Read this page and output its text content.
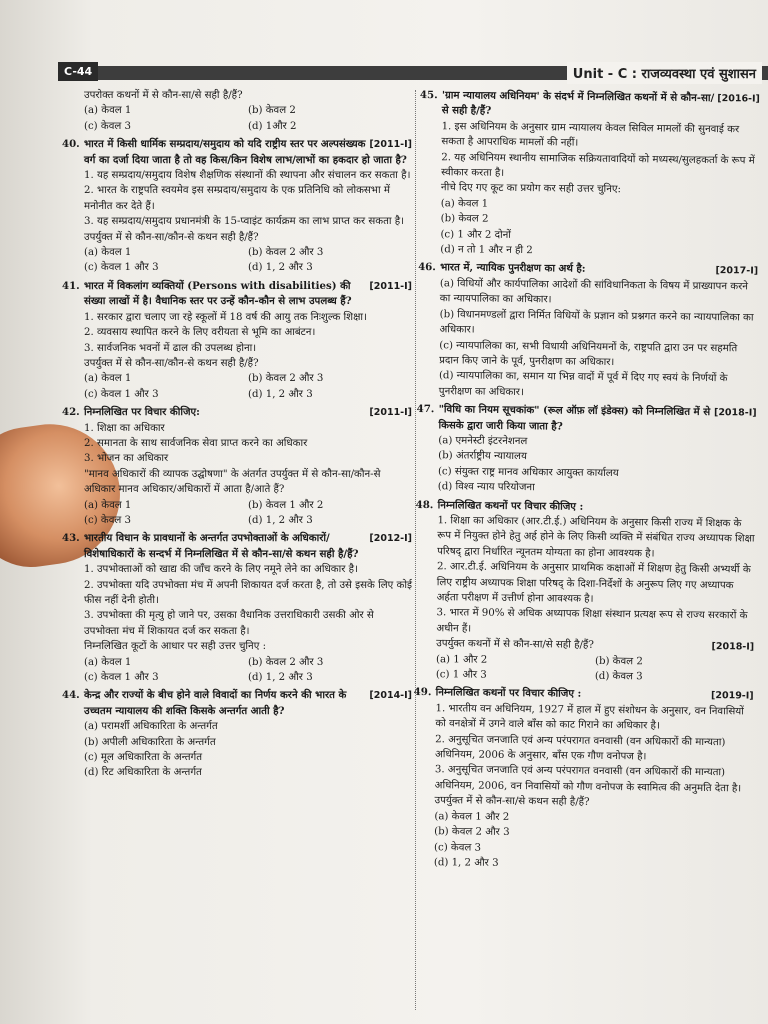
C-44	Unit - C : राजव्यवस्था एवं सुशासन
उपरोक्त कथनों में से कौन-सा/से सही है/हैं?
(a) केवल 1	(b) केवल 2
(c) केवल 3	(d) 1और 2
40.	[2011-I]
भारत में किसी धार्मिक सम्प्रदाय/समुदाय को यदि राष्ट्रीय स्तर पर अल्पसंख्यक वर्ग का दर्जा दिया जाता है तो वह किस/किन विशेष लाभ/लाभों का हकदार हो जाता है?
1. यह सम्प्रदाय/समुदाय विशेष शैक्षणिक संस्थानों की स्थापना और संचालन कर सकता है।
2. भारत के राष्ट्रपति स्वयमेव इस सम्प्रदाय/समुदाय के एक प्रतिनिधि को लोकसभा में मनोनीत कर देते हैं।
3. यह सम्प्रदाय/समुदाय प्रधानमंत्री के 15-प्वाइंट कार्यक्रम का लाभ प्राप्त कर सकता है।
उपर्युक्त में से कौन-सा/कौन-से कथन सही है/हैं?
(a) केवल 1	(b) केवल 2 और 3
(c) केवल 1 और 3	(d) 1, 2 और 3
41.	[2011-I]
भारत में विकलांग व्यक्तियों (Persons with disabilities) की संख्या लाखों में है। वैधानिक स्तर पर उन्हें कौन-कौन से लाभ उपलब्ध हैं?
1. सरकार द्वारा चलाए जा रहे स्कूलों में 18 वर्ष की आयु तक निःशुल्क शिक्षा।
2. व्यवसाय स्थापित करने के लिए वरीयता से भूमि का आबंटन।
3. सार्वजनिक भवनों में ढाल की उपलब्ध होना।
उपर्युक्त में से कौन-सा/कौन-से कथन सही है/हैं?
(a) केवल 1	(b) केवल 2 और 3
(c) केवल 1 और 3	(d) 1, 2 और 3
42.	[2011-I]
निम्नलिखित पर विचार कीजिए:
1. शिक्षा का अधिकार
2. समानता के साथ सार्वजनिक सेवा प्राप्त करने का अधिकार
3. भोजन का अधिकार
"मानव अधिकारों की व्यापक उद्घोषणा" के अंतर्गत उपर्युक्त में से कौन-सा/कौन-से अधिकार मानव अधिकार/अधिकारों में आता है/आते हैं?
(a) केवल 1	(b) केवल 1 और 2
(c) केवल 3	(d) 1, 2 और 3
43.	[2012-I]
भारतीय विधान के प्रावधानों के अन्तर्गत उपभोक्ताओं के अधिकारों/विशेषाधिकारों के सन्दर्भ में निम्नलिखित में से कौन-सा/से कथन सही है/हैं?
1. उपभोक्ताओं को खाद्य की जाँच करने के लिए नमूने लेने का अधिकार है।
2. उपभोक्ता यदि उपभोक्ता मंच में अपनी शिकायत दर्ज करता है, तो उसे इसके लिए कोई फीस नहीं देनी होती।
3. उपभोक्ता की मृत्यु हो जाने पर, उसका वैधानिक उत्तराधिकारी उसकी ओर से उपभोक्ता मंच में शिकायत दर्ज कर सकता है।
निम्नलिखित कूटों के आधार पर सही उत्तर चुनिए :
(a) केवल 1	(b) केवल 2 और 3
(c) केवल 1 और 3	(d) 1, 2 और 3
44.	[2014-I]
केन्द्र और राज्यों के बीच होने वाले विवादों का निर्णय करने की भारत के उच्चतम न्यायालय की शक्ति किसके अन्तर्गत आती है?
(a) परामर्शी अधिकारिता के अन्तर्गत
(b) अपीली अधिकारिता के अन्तर्गत
(c) मूल अधिकारिता के अन्तर्गत
(d) रिट अधिकारिता के अन्तर्गत
45.	[2016-I]
'ग्राम न्यायालय अधिनियम' के संदर्भ में निम्नलिखित कथनों में से कौन-सा/से सही है/हैं?
1. इस अधिनियम के अनुसार ग्राम न्यायालय केवल सिविल मामलों की सुनवाई कर सकता है आपराधिक मामलों की नहीं।
2. यह अधिनियम स्थानीय सामाजिक सक्रियतावादियों को मध्यस्थ/सुलहकर्ता के रूप में स्वीकार करता है।
नीचे दिए गए कूट का प्रयोग कर सही उत्तर चुनिए:
(a) केवल 1
(b) केवल 2
(c) 1 और 2 दोनों
(d) न तो 1 और न ही 2
46.	[2017-I]
भारत में, न्यायिक पुनरीक्षण का अर्थ है:
(a) विधियों और कार्यपालिका आदेशों की सांविधानिकता के विषय में प्राख्यापन करने का न्यायपालिका का अधिकार।
(b) विधानमण्डलों द्वारा निर्मित विधियों के प्रज्ञान को प्रश्नगत करने का न्यायपालिका का अधिकार।
(c) न्यायपालिका का, सभी विधायी अधिनियमनों के, राष्ट्रपति द्वारा उन पर सहमति प्रदान किए जाने के पूर्व, पुनरीक्षण का अधिकार।
(d) न्यायपालिका का, समान या भिन्न वादों में पूर्व में दिए गए स्वयं के निर्णयों के पुनरीक्षण का अधिकार।
47.	[2018-I]
"विधि का नियम सूचकांक" (रूल ऑफ़ लॉ इंडेक्स) को निम्नलिखित में से किसके द्वारा जारी किया जाता है?
(a) एमनेस्टी इंटरनेशनल
(b) अंतर्राष्ट्रीय न्यायालय
(c) संयुक्त राष्ट्र मानव अधिकार आयुक्त कार्यालय
(d) विश्व न्याय परियोजना
48. निम्नलिखित कथनों पर विचार कीजिए :
1. शिक्षा का अधिकार (आर.टी.ई.) अधिनियम के अनुसार किसी राज्य में शिक्षक के रूप में नियुक्त होने हेतु अर्ह होने के लिए किसी व्यक्ति में संबंधित राज्य अध्यापक शिक्षा परिषद् द्वारा निर्धारित न्यूनतम योग्यता का होना आवश्यक है।
2. आर.टी.ई. अधिनियम के अनुसार प्राथमिक कक्षाओं में शिक्षण हेतु किसी अभ्यर्थी के लिए राष्ट्रीय अध्यापक शिक्षा परिषद् के दिशा-निर्देशों के अनुरूप लिए गए अध्यापक अर्हता परीक्षण में उत्तीर्ण होना आवश्यक है।
3. भारत में 90% से अधिक अध्यापक शिक्षा संस्थान प्रत्यक्ष रूप से राज्य सरकारों के अधीन हैं।
[2018-I]
उपर्युक्त कथनों में से कौन-सा/से सही है/हैं?
(a) 1 और 2	(b) केवल 2
(c) 1 और 3	(d) केवल 3
49.	[2019-I]
निम्नलिखित कथनों पर विचार कीजिए :
1. भारतीय वन अधिनियम, 1927 में हाल में हुए संशोधन के अनुसार, वन निवासियों को वनक्षेत्रों में उगने वाले बाँस को काट गिराने का अधिकार है।
2. अनुसूचित जनजाति एवं अन्य परंपरागत वनवासी (वन अधिकारों की मान्यता) अधिनियम, 2006 के अनुसार, बाँस एक गौण वनोपज है।
3. अनुसूचित जनजाति एवं अन्य परंपरागत वनवासी (वन अधिकारों की मान्यता) अधिनियम, 2006, वन निवासियों को गौण वनोपज के स्वामित्व की अनुमति देता है।
उपर्युक्त में से कौन-सा/से कथन सही है/हैं?
(a) केवल 1 और 2
(b) केवल 2 और 3
(c) केवल 3
(d) 1, 2 और 3
